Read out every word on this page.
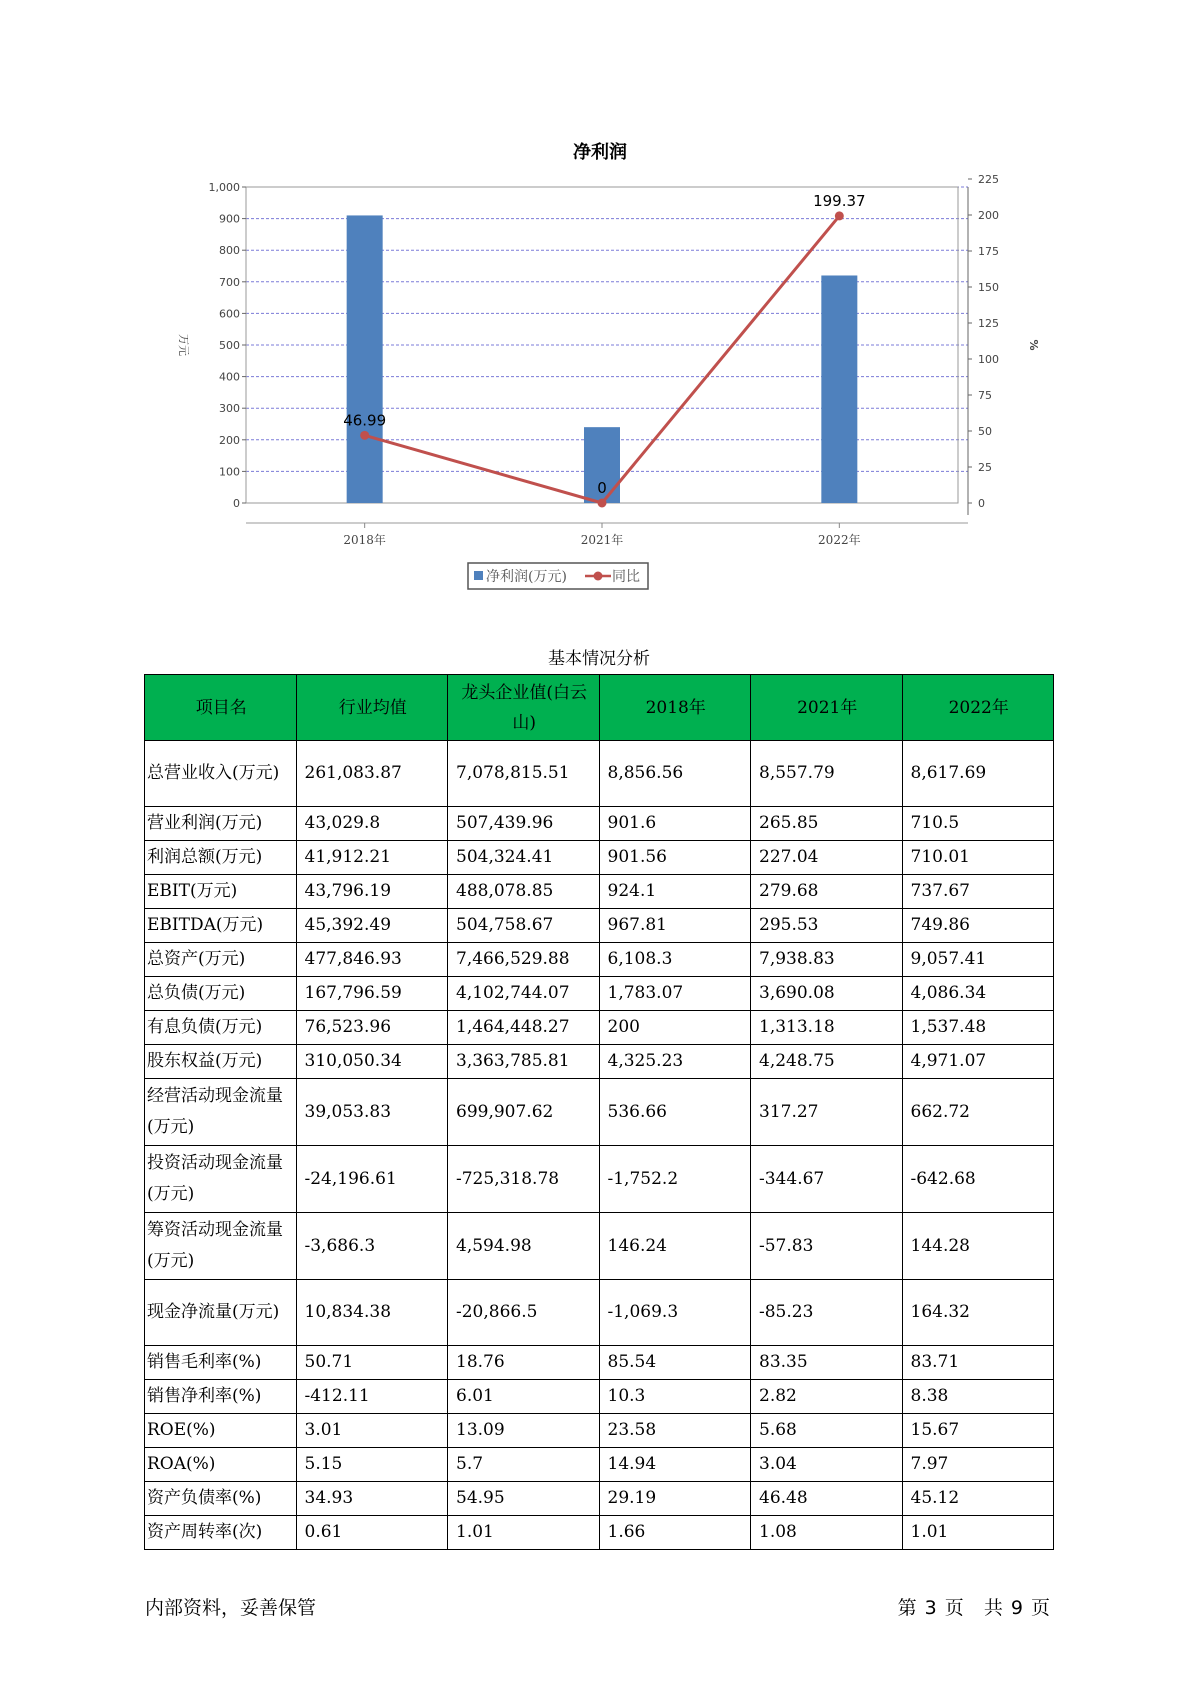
净利润
0
100
200
300
400
500
600
700
800
900
1,000
0
25
50
75
100
125
150
175
200
225
万元	%
46.99
0
199.37
2018年	2021年	2022年
净利润(万元)	同比
基本情况分析
项目名	行业均值	龙头企业值(白云山)	2018年	2021年	2022年
总营业收入(万元)	261,083.87	7,078,815.51	8,856.56	8,557.79	8,617.69
营业利润(万元)	43,029.8	507,439.96	901.6	265.85	710.5
利润总额(万元)	41,912.21	504,324.41	901.56	227.04	710.01
EBIT(万元)	43,796.19	488,078.85	924.1	279.68	737.67
EBITDA(万元)	45,392.49	504,758.67	967.81	295.53	749.86
总资产(万元)	477,846.93	7,466,529.88	6,108.3	7,938.83	9,057.41
总负债(万元)	167,796.59	4,102,744.07	1,783.07	3,690.08	4,086.34
有息负债(万元)	76,523.96	1,464,448.27	200	1,313.18	1,537.48
股东权益(万元)	310,050.34	3,363,785.81	4,325.23	4,248.75	4,971.07
经营活动现金流量(万元)	39,053.83	699,907.62	536.66	317.27	662.72
投资活动现金流量(万元)	-24,196.61	-725,318.78	-1,752.2	-344.67	-642.68
筹资活动现金流量(万元)	-3,686.3	4,594.98	146.24	-57.83	144.28
现金净流量(万元)	10,834.38	-20,866.5	-1,069.3	-85.23	164.32
销售毛利率(%)	50.71	18.76	85.54	83.35	83.71
销售净利率(%)	-412.11	6.01	10.3	2.82	8.38
ROE(%)	3.01	13.09	23.58	5.68	15.67
ROA(%)	5.15	5.7	14.94	3.04	7.97
资产负债率(%)	34.93	54.95	29.19	46.48	45.12
资产周转率(次)	0.61	1.01	1.66	1.08	1.01
内部资料，妥善保管	第 3 页 共 9 页
